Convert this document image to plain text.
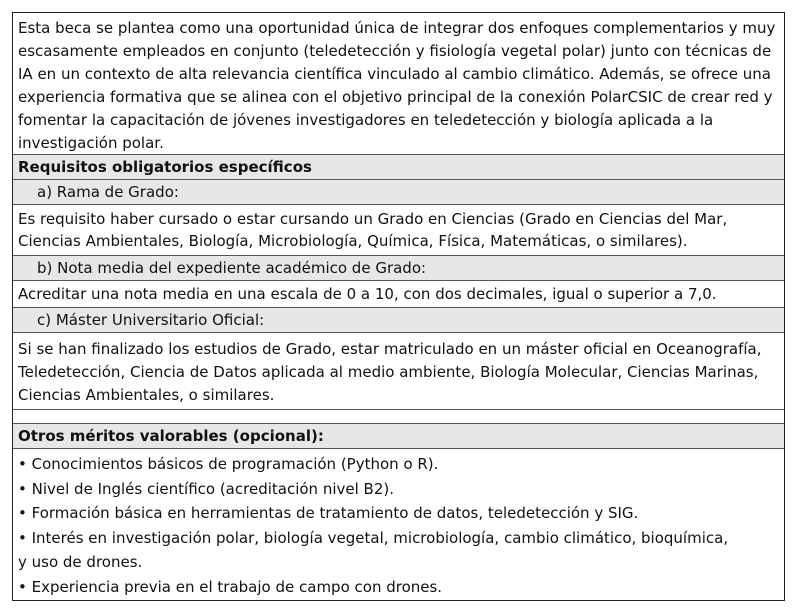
Esta beca se plantea como una oportunidad única de integrar dos enfoques complementarios y muy
escasamente empleados en conjunto (teledetección y fisiología vegetal polar) junto con técnicas de
IA en un contexto de alta relevancia científica vinculado al cambio climático. Además, se ofrece una
experiencia formativa que se alinea con el objetivo principal de la conexión PolarCSIC de crear red y
fomentar la capacitación de jóvenes investigadores en teledetección y biología aplicada a la
investigación polar.
Requisitos obligatorios específicos
a) Rama de Grado:
Es requisito haber cursado o estar cursando un Grado en Ciencias (Grado en Ciencias del Mar,
Ciencias Ambientales, Biología, Microbiología, Química, Física, Matemáticas, o similares).
b) Nota media del expediente académico de Grado:
Acreditar una nota media en una escala de 0 a 10, con dos decimales, igual o superior a 7,0.
c) Máster Universitario Oficial:
Si se han finalizado los estudios de Grado, estar matriculado en un máster oficial en Oceanografía,
Teledetección, Ciencia de Datos aplicada al medio ambiente, Biología Molecular, Ciencias Marinas,
Ciencias Ambientales, o similares.
Otros méritos valorables (opcional):
• Conocimientos básicos de programación (Python o R).
• Nivel de Inglés científico (acreditación nivel B2).
• Formación básica en herramientas de tratamiento de datos, teledetección y SIG.
• Interés en investigación polar, biología vegetal, microbiología, cambio climático, bioquímica,
y uso de drones.
• Experiencia previa en el trabajo de campo con drones.
